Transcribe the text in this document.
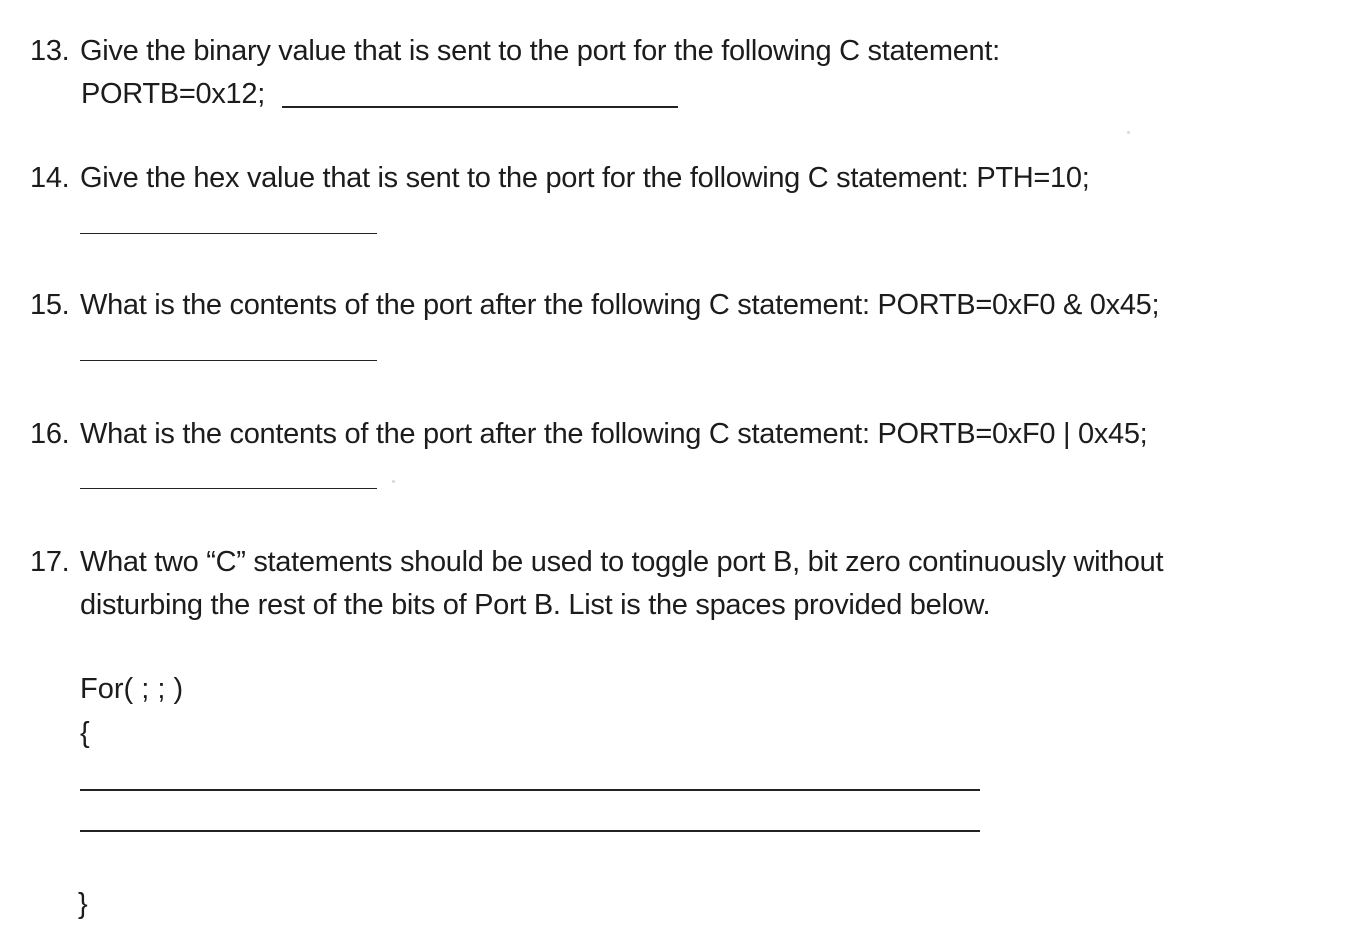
13. Give the binary value that is sent to the port for the following C statement:
PORTB=0x12;
14. Give the hex value that is sent to the port for the following C statement: PTH=10;
15. What is the contents of the port after the following C statement: PORTB=0xF0 & 0x45;
16. What is the contents of the port after the following C statement: PORTB=0xF0 | 0x45;
17. What two “C” statements should be used to toggle port B, bit zero continuously without
disturbing the rest of the bits of Port B. List is the spaces provided below.
For( ; ; )
{
}
